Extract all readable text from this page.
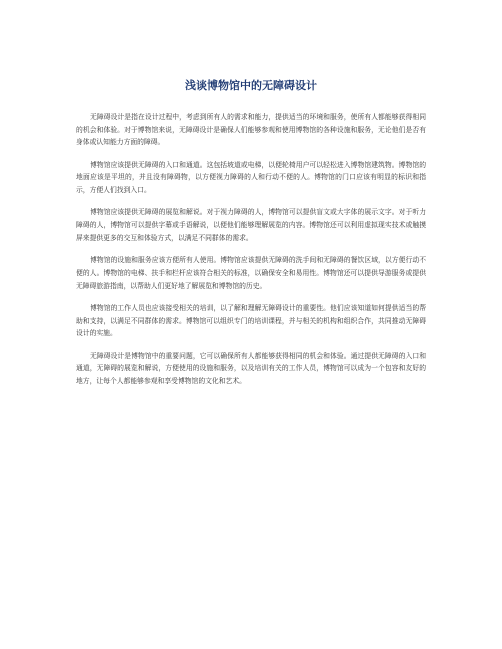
浅谈博物馆中的无障碍设计

无障碍设计是指在设计过程中，考虑到所有人的需求和能力，提供适当的环境和服务，使所有人都能够获得相同的机会和体验。对于博物馆来说，无障碍设计是确保人们能够参观和使用博物馆的各种设施和服务，无论他们是否有身体或认知能力方面的障碍。

博物馆应该提供无障碍的入口和通道。这包括坡道或电梯，以便轮椅用户可以轻松进入博物馆建筑物。博物馆的地面应该是平坦的，并且没有障碍物，以方便视力障碍的人和行动不便的人。博物馆的门口应该有明显的标识和指示，方便人们找到入口。

博物馆应该提供无障碍的展览和解说。对于视力障碍的人，博物馆可以提供盲文或大字体的展示文字。对于听力障碍的人，博物馆可以提供字幕或手语解说，以便他们能够理解展览的内容。博物馆还可以利用虚拟现实技术或触摸屏来提供更多的交互和体验方式，以满足不同群体的需求。

博物馆的设施和服务应该方便所有人使用。博物馆应该提供无障碍的洗手间和无障碍的餐饮区域，以方便行动不便的人。博物馆的电梯、扶手和栏杆应该符合相关的标准，以确保安全和易用性。博物馆还可以提供导游服务或提供无障碍旅游指南，以帮助人们更好地了解展览和博物馆的历史。

博物馆的工作人员也应该接受相关的培训，以了解和理解无障碍设计的重要性。他们应该知道如何提供适当的帮助和支持，以满足不同群体的需求。博物馆可以组织专门的培训课程，并与相关的机构和组织合作，共同推动无障碍设计的实施。

无障碍设计是博物馆中的重要问题，它可以确保所有人都能够获得相同的机会和体验。通过提供无障碍的入口和通道，无障碍的展览和解说，方便使用的设施和服务，以及培训有关的工作人员，博物馆可以成为一个包容和友好的地方，让每个人都能够参观和享受博物馆的文化和艺术。
